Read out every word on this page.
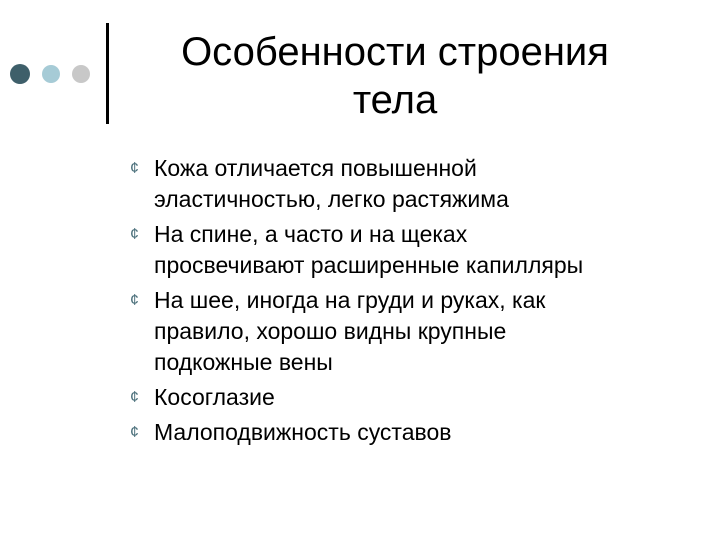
Особенности строения
тела
¢ Кожа отличается повышенной
эластичностью, легко растяжима
¢ На спине, а часто и на щеках
просвечивают расширенные капилляры
¢ На шее, иногда на груди и руках, как
правило, хорошо видны крупные
подкожные вены
¢ Косоглазие
¢ Малоподвижность суставов
